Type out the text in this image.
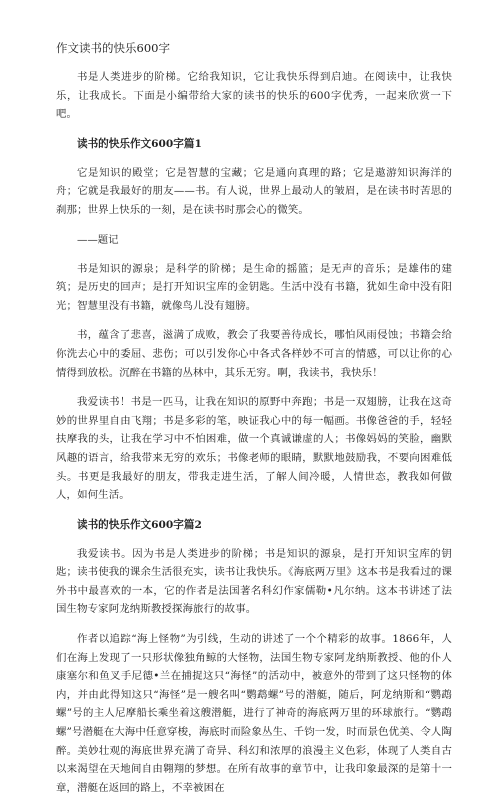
作文读书的快乐600字

书是人类进步的阶梯。它给我知识，它让我快乐得到启迪。在阅读中，让我快乐，让我成长。下面是小编带给大家的读书的快乐的600字优秀，一起来欣赏一下吧。

读书的快乐作文600字篇1

它是知识的殿堂；它是智慧的宝藏；它是通向真理的路；它是遨游知识海洋的舟；它就是我最好的朋友——书。有人说，世界上最动人的皱眉，是在读书时苦思的刹那；世界上快乐的一刻，是在读书时那会心的微笑。

——题记

书是知识的源泉；是科学的阶梯；是生命的摇篮；是无声的音乐；是雄伟的建筑；是历史的回声；是打开知识宝库的金钥匙。生活中没有书籍，犹如生命中没有阳光；智慧里没有书籍，就像鸟儿没有翅膀。

书，蕴含了悲喜，滋满了成败，教会了我要善待成长，哪怕风雨侵蚀；书籍会给你洗去心中的委屈、悲伤；可以引发你心中各式各样妙不可言的情感，可以让你的心情得到放松。沉醉在书籍的丛林中，其乐无穷。啊，我读书，我快乐！

我爱读书！书是一匹马，让我在知识的原野中奔跑；书是一双翅膀，让我在这奇妙的世界里自由飞翔；书是多彩的笔，映证我心中的每一幅画。书像爸爸的手，轻轻扶摩我的头，让我在学习中不怕困难，做一个真诚谦虚的人；书像妈妈的笑脸，幽默风趣的语言，给我带来无穷的欢乐；书像老师的眼睛，默默地鼓励我，不要向困难低头。书更是我最好的朋友，带我走进生活，了解人间冷暖，人情世态，教我如何做人，如何生活。

读书的快乐作文600字篇2

我爱读书。因为书是人类进步的阶梯；书是知识的源泉，是打开知识宝库的钥匙；读书使我的课余生活很充实，读书让我快乐。《海底两万里》这本书是我看过的课外书中最喜欢的一本，它的作者是法国著名科幻作家儒勒•凡尔纳。这本书讲述了法国生物专家阿龙纳斯教授探海旅行的故事。

作者以追踪“海上怪物”为引线，生动的讲述了一个个精彩的故事。1866年，人们在海上发现了一只形状像独角鲸的大怪物，法国生物专家阿龙纳斯教授、他的仆人康塞尔和鱼叉手尼德•兰在捕捉这只“海怪”的活动中，被意外的带到了这只怪物的体内，并由此得知这只“海怪”是一艘名叫“鹦鹉螺”号的潜艇，随后，阿龙纳斯和“鹦鹉螺”号的主人尼摩船长乘坐着这艘潜艇，进行了神奇的海底两万里的环球旅行。“鹦鹉螺”号潜艇在大海中任意穿梭，海底时而险象丛生、千钧一发，时而景色优美、令人陶醉。美妙壮观的海底世界充满了奇异、科幻和浓厚的浪漫主义色彩，体现了人类自古以来渴望在天地间自由翱翔的梦想。在所有故事的章节中，让我印象最深的是第十一章，潜艇在返回的路上，不幸被困在
